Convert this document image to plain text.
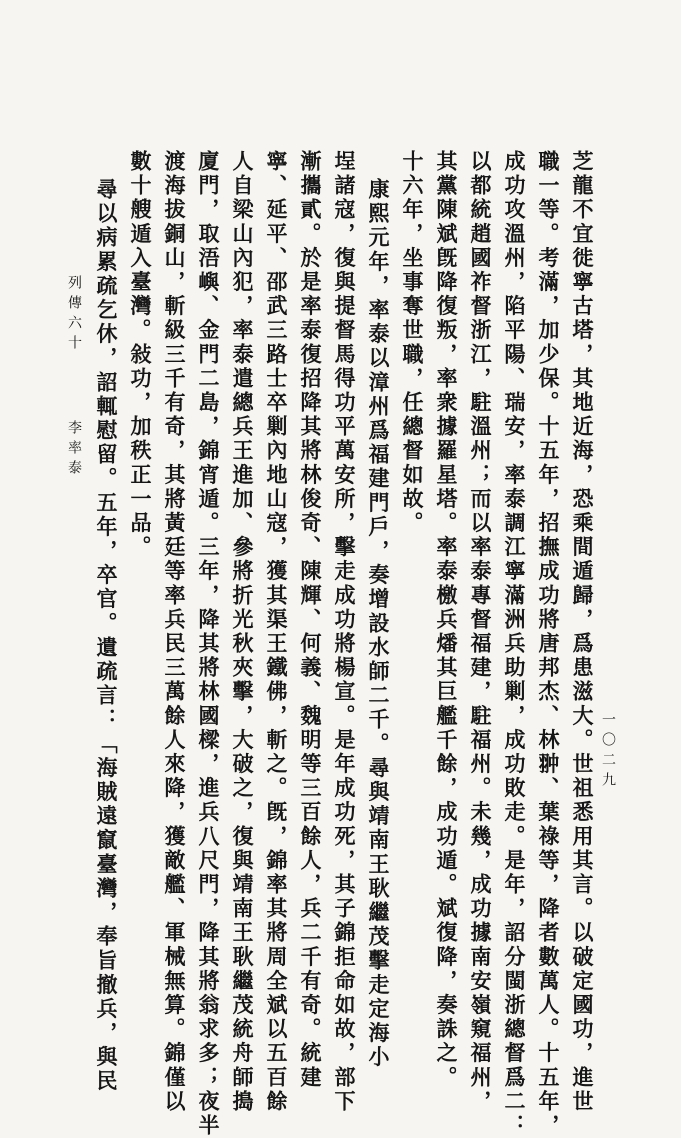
芝龍不宜徙寧古塔，其地近海，恐乘間遁歸，爲患滋大。世祖悉用其言。以破定國功，進世
職一等。考滿，加少保。十五年，招撫成功將唐邦杰、林翀、葉祿等，降者數萬人。十五年，
成功攻溫州，陷平陽、瑞安，率泰調江寧滿洲兵助剿，成功敗走。是年，詔分閩浙總督爲二：
以都統趙國祚督浙江，駐溫州；而以率泰專督福建，駐福州。未幾，成功據南安嶺窺福州，
其黨陳斌旣降復叛，率衆據羅星塔。率泰檄兵燔其巨艦千餘，成功遁。斌復降，奏誅之。
十六年，坐事奪世職，任總督如故。
康熙元年，率泰以漳州爲福建門戶，奏增設水師二千。尋與靖南王耿繼茂擊走定海小
埕諸寇，復與提督馬得功平萬安所，擊走成功將楊宣。是年成功死，其子錦拒命如故，部下
漸攜貳。於是率泰復招降其將林俊奇、陳輝、何義、魏明等三百餘人，兵二千有奇。統建
寧、延平、邵武三路士卒剿內地山寇，獲其渠王鐵佛，斬之。旣，錦率其將周全斌以五百餘
人自梁山內犯，率泰遣總兵王進加、參將折光秋夾擊，大破之，復與靖南王耿繼茂統舟師搗
廈門，取浯嶼、金門二島，錦宵遁。三年，降其將林國樑，進兵八尺門，降其將翁求多；夜半
渡海拔銅山，斬級三千有奇，其將黃廷等率兵民三萬餘人來降，獲敵艦、軍械無算。錦僅以
數十艘遁入臺灣。敍功，加秩正一品。
尋以病累疏乞休，詔輒慰留。五年，卒官。遺疏言：「海賊遠竄臺灣，奉旨撤兵，與民
列傳六十
李率泰
一〇二九
